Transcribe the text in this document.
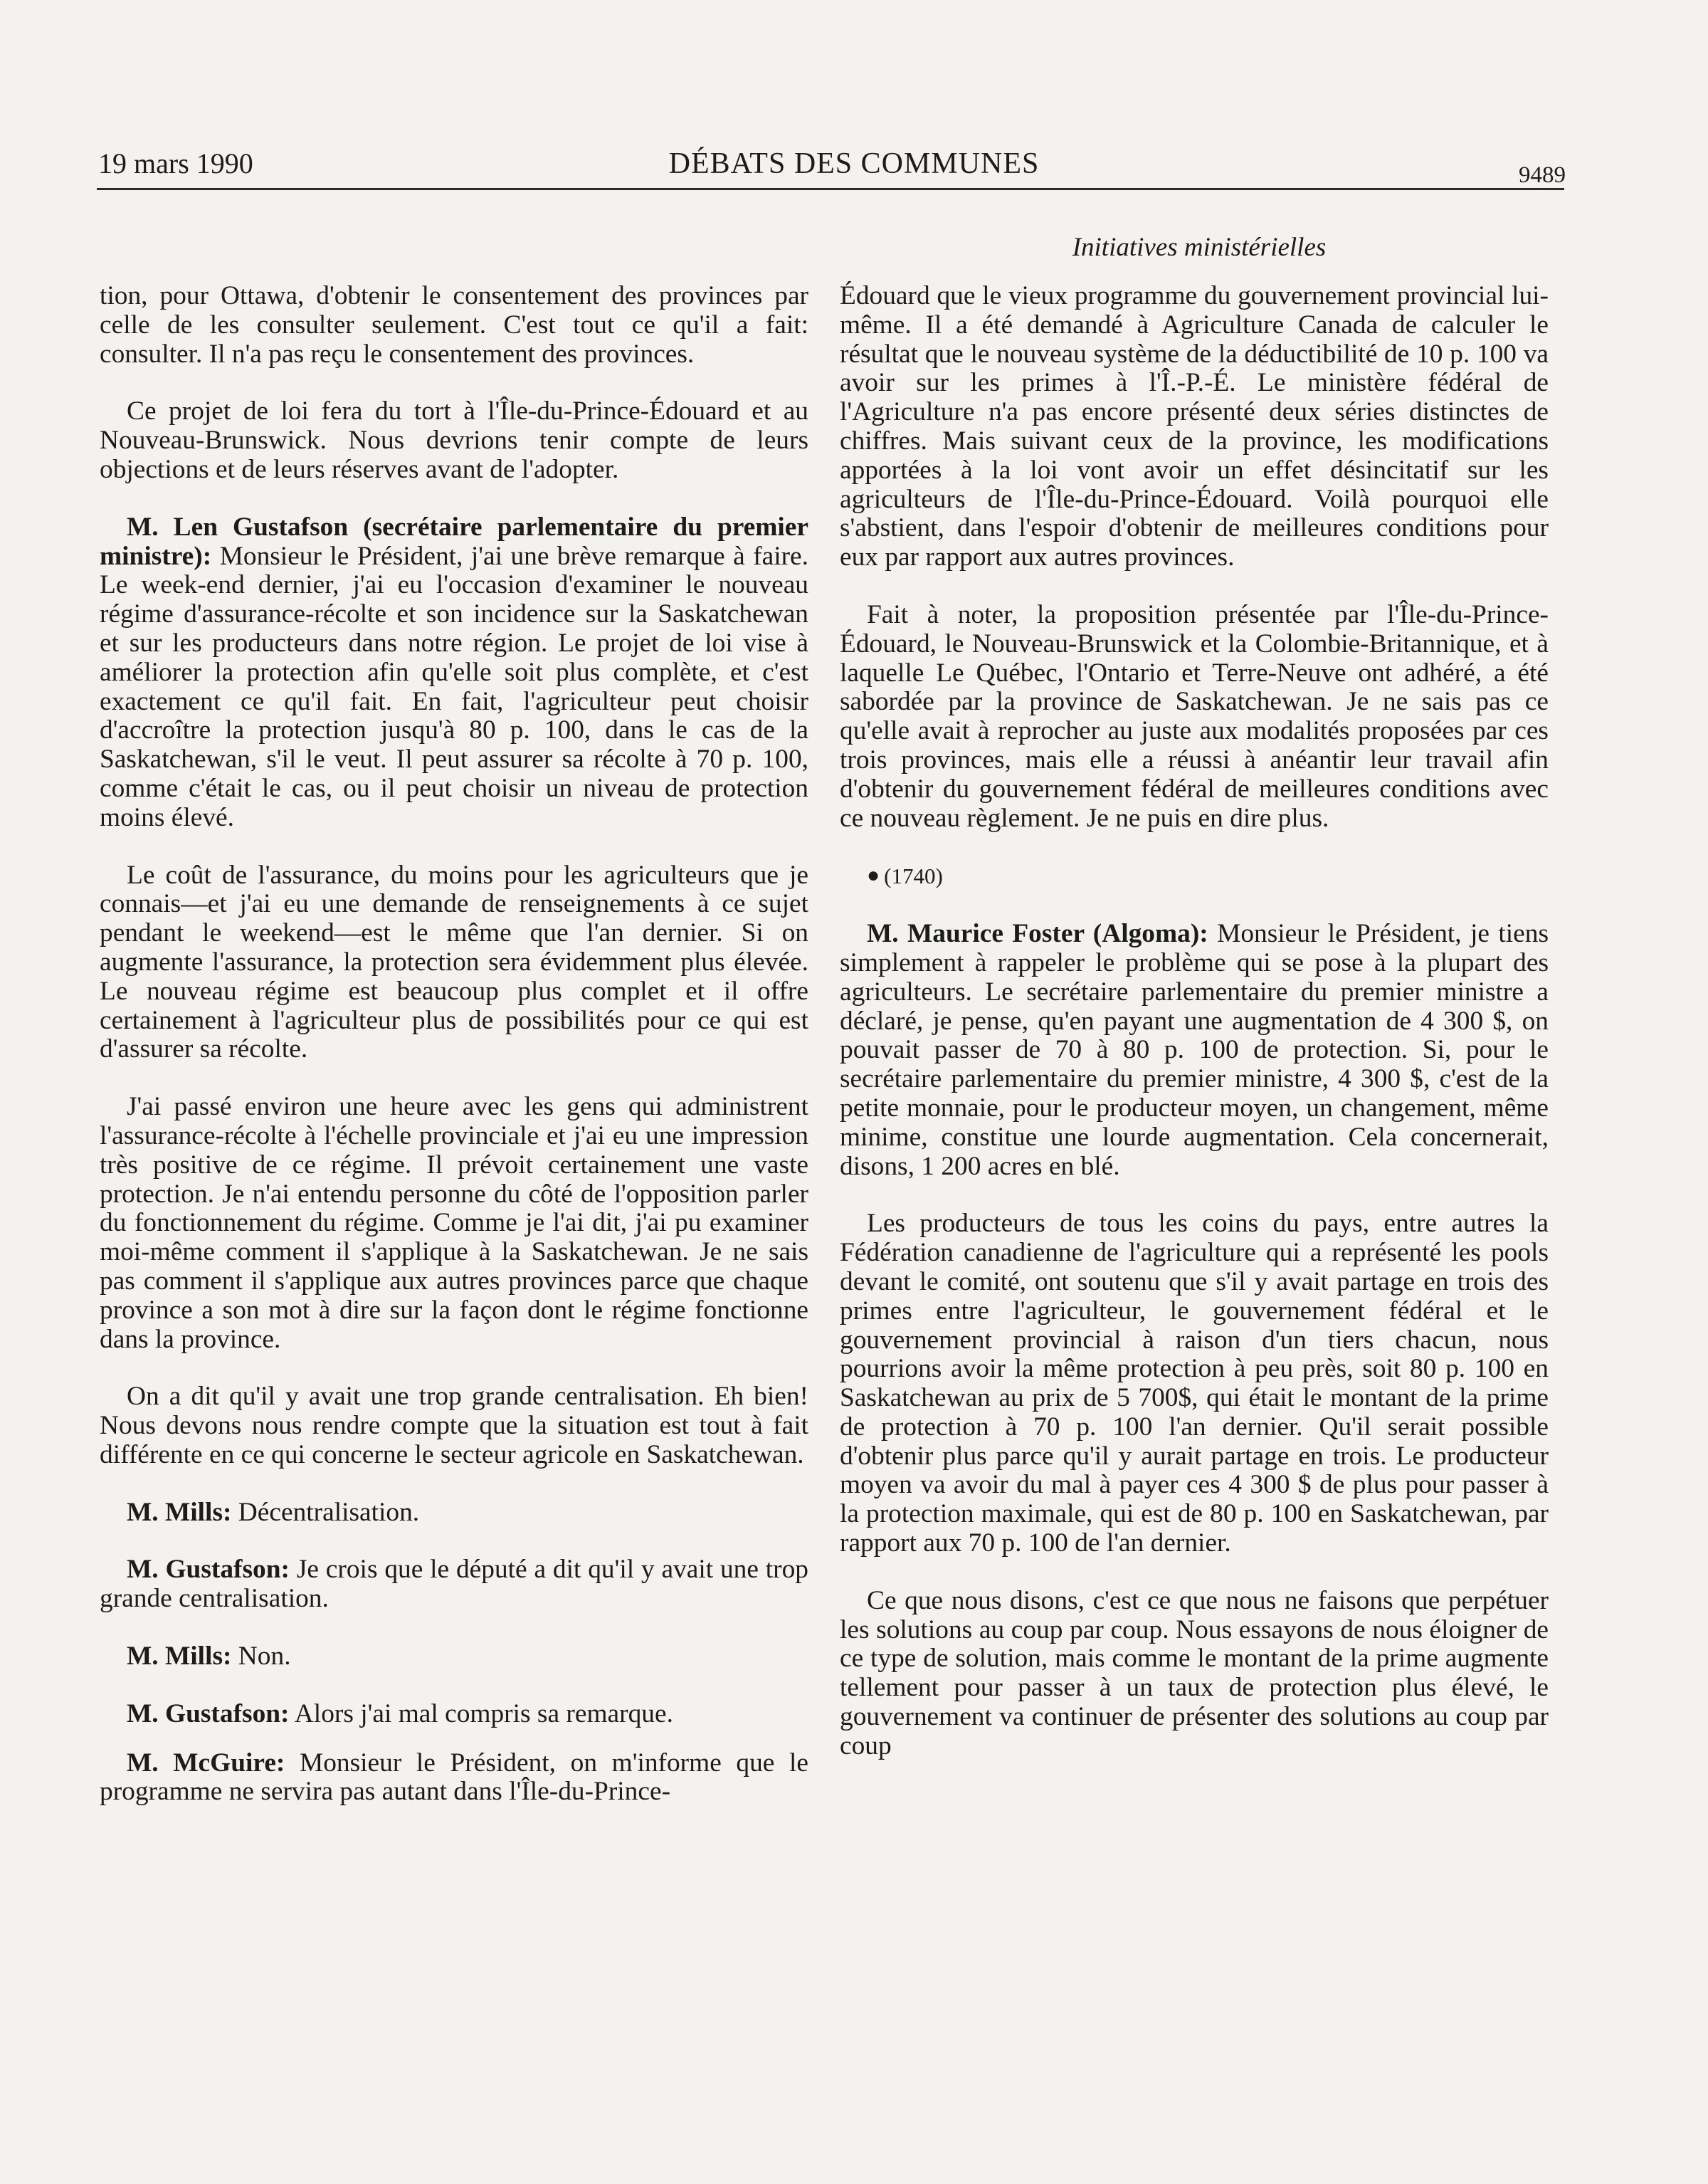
19 mars 1990	DÉBATS DES COMMUNES	9489
Initiatives ministérielles

tion, pour Ottawa, d'obtenir le consentement des provinces par celle de les consulter seulement. C'est tout ce qu'il a fait: consulter. Il n'a pas reçu le consentement des provinces.

Ce projet de loi fera du tort à l'Île-du-Prince-Édouard et au Nouveau-Brunswick. Nous devrions tenir compte de leurs objections et de leurs réserves avant de l'adopter.

M. Len Gustafson (secrétaire parlementaire du premier ministre): Monsieur le Président, j'ai une brève remarque à faire. Le week-end dernier, j'ai eu l'occasion d'examiner le nouveau régime d'assurance-récolte et son incidence sur la Saskatchewan et sur les producteurs dans notre région. Le projet de loi vise à améliorer la protection afin qu'elle soit plus complète, et c'est exactement ce qu'il fait. En fait, l'agriculteur peut choisir d'accroître la protection jusqu'à 80 p. 100, dans le cas de la Saskatchewan, s'il le veut. Il peut assurer sa récolte à 70 p. 100, comme c'était le cas, ou il peut choisir un niveau de protection moins élevé.

Le coût de l'assurance, du moins pour les agriculteurs que je connais—et j'ai eu une demande de renseignements à ce sujet pendant le weekend—est le même que l'an dernier. Si on augmente l'assurance, la protection sera évidemment plus élevée. Le nouveau régime est beaucoup plus complet et il offre certainement à l'agriculteur plus de possibilités pour ce qui est d'assurer sa récolte.

J'ai passé environ une heure avec les gens qui administrent l'assurance-récolte à l'échelle provinciale et j'ai eu une impression très positive de ce régime. Il prévoit certainement une vaste protection. Je n'ai entendu personne du côté de l'opposition parler du fonctionnement du régime. Comme je l'ai dit, j'ai pu examiner moi-même comment il s'applique à la Saskatchewan. Je ne sais pas comment il s'applique aux autres provinces parce que chaque province a son mot à dire sur la façon dont le régime fonctionne dans la province.

On a dit qu'il y avait une trop grande centralisation. Eh bien! Nous devons nous rendre compte que la situation est tout à fait différente en ce qui concerne le secteur agricole en Saskatchewan.

M. Mills: Décentralisation.

M. Gustafson: Je crois que le député a dit qu'il y avait une trop grande centralisation.

M. Mills: Non.

M. Gustafson: Alors j'ai mal compris sa remarque.

M. McGuire: Monsieur le Président, on m'informe que le programme ne servira pas autant dans l'Île-du-Prince-

Édouard que le vieux programme du gouvernement provincial lui-même. Il a été demandé à Agriculture Canada de calculer le résultat que le nouveau système de la déductibilité de 10 p. 100 va avoir sur les primes à l'Î.-P.-É. Le ministère fédéral de l'Agriculture n'a pas encore présenté deux séries distinctes de chiffres. Mais suivant ceux de la province, les modifications apportées à la loi vont avoir un effet désincitatif sur les agriculteurs de l'Île-du-Prince-Édouard. Voilà pourquoi elle s'abstient, dans l'espoir d'obtenir de meilleures conditions pour eux par rapport aux autres provinces.

Fait à noter, la proposition présentée par l'Île-du-Prince-Édouard, le Nouveau-Brunswick et la Colombie-Britannique, et à laquelle Le Québec, l'Ontario et Terre-Neuve ont adhéré, a été sabordée par la province de Saskatchewan. Je ne sais pas ce qu'elle avait à reprocher au juste aux modalités proposées par ces trois provinces, mais elle a réussi à anéantir leur travail afin d'obtenir du gouvernement fédéral de meilleures conditions avec ce nouveau règlement. Je ne puis en dire plus.

● (1740)

M. Maurice Foster (Algoma): Monsieur le Président, je tiens simplement à rappeler le problème qui se pose à la plupart des agriculteurs. Le secrétaire parlementaire du premier ministre a déclaré, je pense, qu'en payant une augmentation de 4 300 $, on pouvait passer de 70 à 80 p. 100 de protection. Si, pour le secrétaire parlementaire du premier ministre, 4 300 $, c'est de la petite monnaie, pour le producteur moyen, un changement, même minime, constitue une lourde augmentation. Cela concernerait, disons, 1 200 acres en blé.

Les producteurs de tous les coins du pays, entre autres la Fédération canadienne de l'agriculture qui a représenté les pools devant le comité, ont soutenu que s'il y avait partage en trois des primes entre l'agriculteur, le gouvernement fédéral et le gouvernement provincial à raison d'un tiers chacun, nous pourrions avoir la même protection à peu près, soit 80 p. 100 en Saskatchewan au prix de 5 700$, qui était le montant de la prime de protection à 70 p. 100 l'an dernier. Qu'il serait possible d'obtenir plus parce qu'il y aurait partage en trois. Le producteur moyen va avoir du mal à payer ces 4 300 $ de plus pour passer à la protection maximale, qui est de 80 p. 100 en Saskatchewan, par rapport aux 70 p. 100 de l'an dernier.

Ce que nous disons, c'est ce que nous ne faisons que perpétuer les solutions au coup par coup. Nous essayons de nous éloigner de ce type de solution, mais comme le montant de la prime augmente tellement pour passer à un taux de protection plus élevé, le gouvernement va continuer de présenter des solutions au coup par coup
